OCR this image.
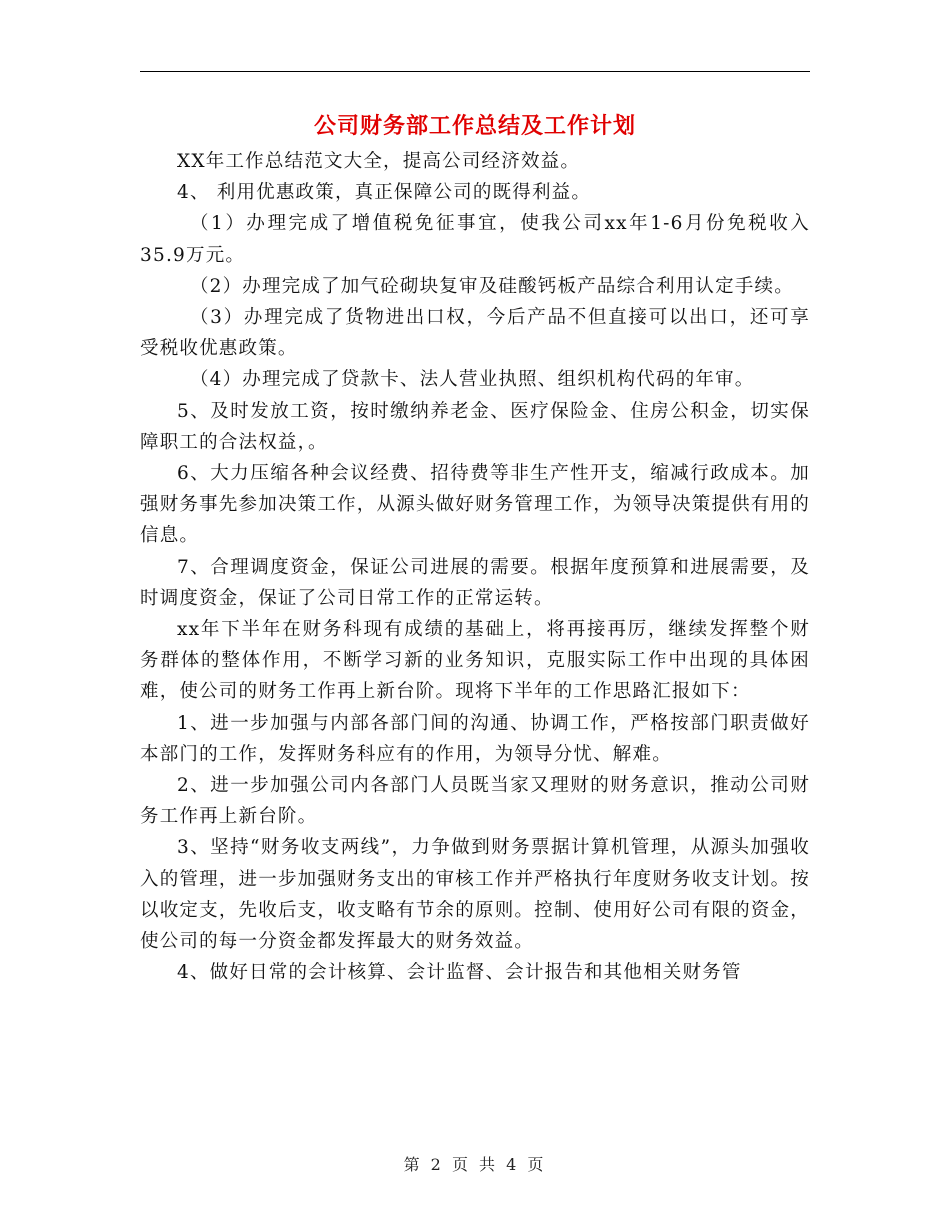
公司财务部工作总结及工作计划

XX年工作总结范文大全，提高公司经济效益。

4、 利用优惠政策，真正保障公司的既得利益。

（1）办理完成了增值税免征事宜，使我公司xx年1-6月份免税收入35.9万元。

（2）办理完成了加气砼砌块复审及硅酸钙板产品综合利用认定手续。

（3）办理完成了货物进出口权，今后产品不但直接可以出口，还可享受税收优惠政策。

（4）办理完成了贷款卡、法人营业执照、组织机构代码的年审。

5、及时发放工资，按时缴纳养老金、医疗保险金、住房公积金，切实保障职工的合法权益，。

6、大力压缩各种会议经费、招待费等非生产性开支，缩减行政成本。加强财务事先参加决策工作，从源头做好财务管理工作，为领导决策提供有用的信息。

7、合理调度资金，保证公司进展的需要。根据年度预算和进展需要，及时调度资金，保证了公司日常工作的正常运转。

xx年下半年在财务科现有成绩的基础上，将再接再厉，继续发挥整个财务群体的整体作用，不断学习新的业务知识，克服实际工作中出现的具体困难，使公司的财务工作再上新台阶。现将下半年的工作思路汇报如下：

1、进一步加强与内部各部门间的沟通、协调工作，严格按部门职责做好本部门的工作，发挥财务科应有的作用，为领导分忧、解难。

2、进一步加强公司内各部门人员既当家又理财的财务意识，推动公司财务工作再上新台阶。

3、坚持“财务收支两线”，力争做到财务票据计算机管理，从源头加强收入的管理，进一步加强财务支出的审核工作并严格执行年度财务收支计划。按以收定支，先收后支，收支略有节余的原则。控制、使用好公司有限的资金，使公司的每一分资金都发挥最大的财务效益。

4、做好日常的会计核算、会计监督、会计报告和其他相关财务管

第 2 页 共 4 页
